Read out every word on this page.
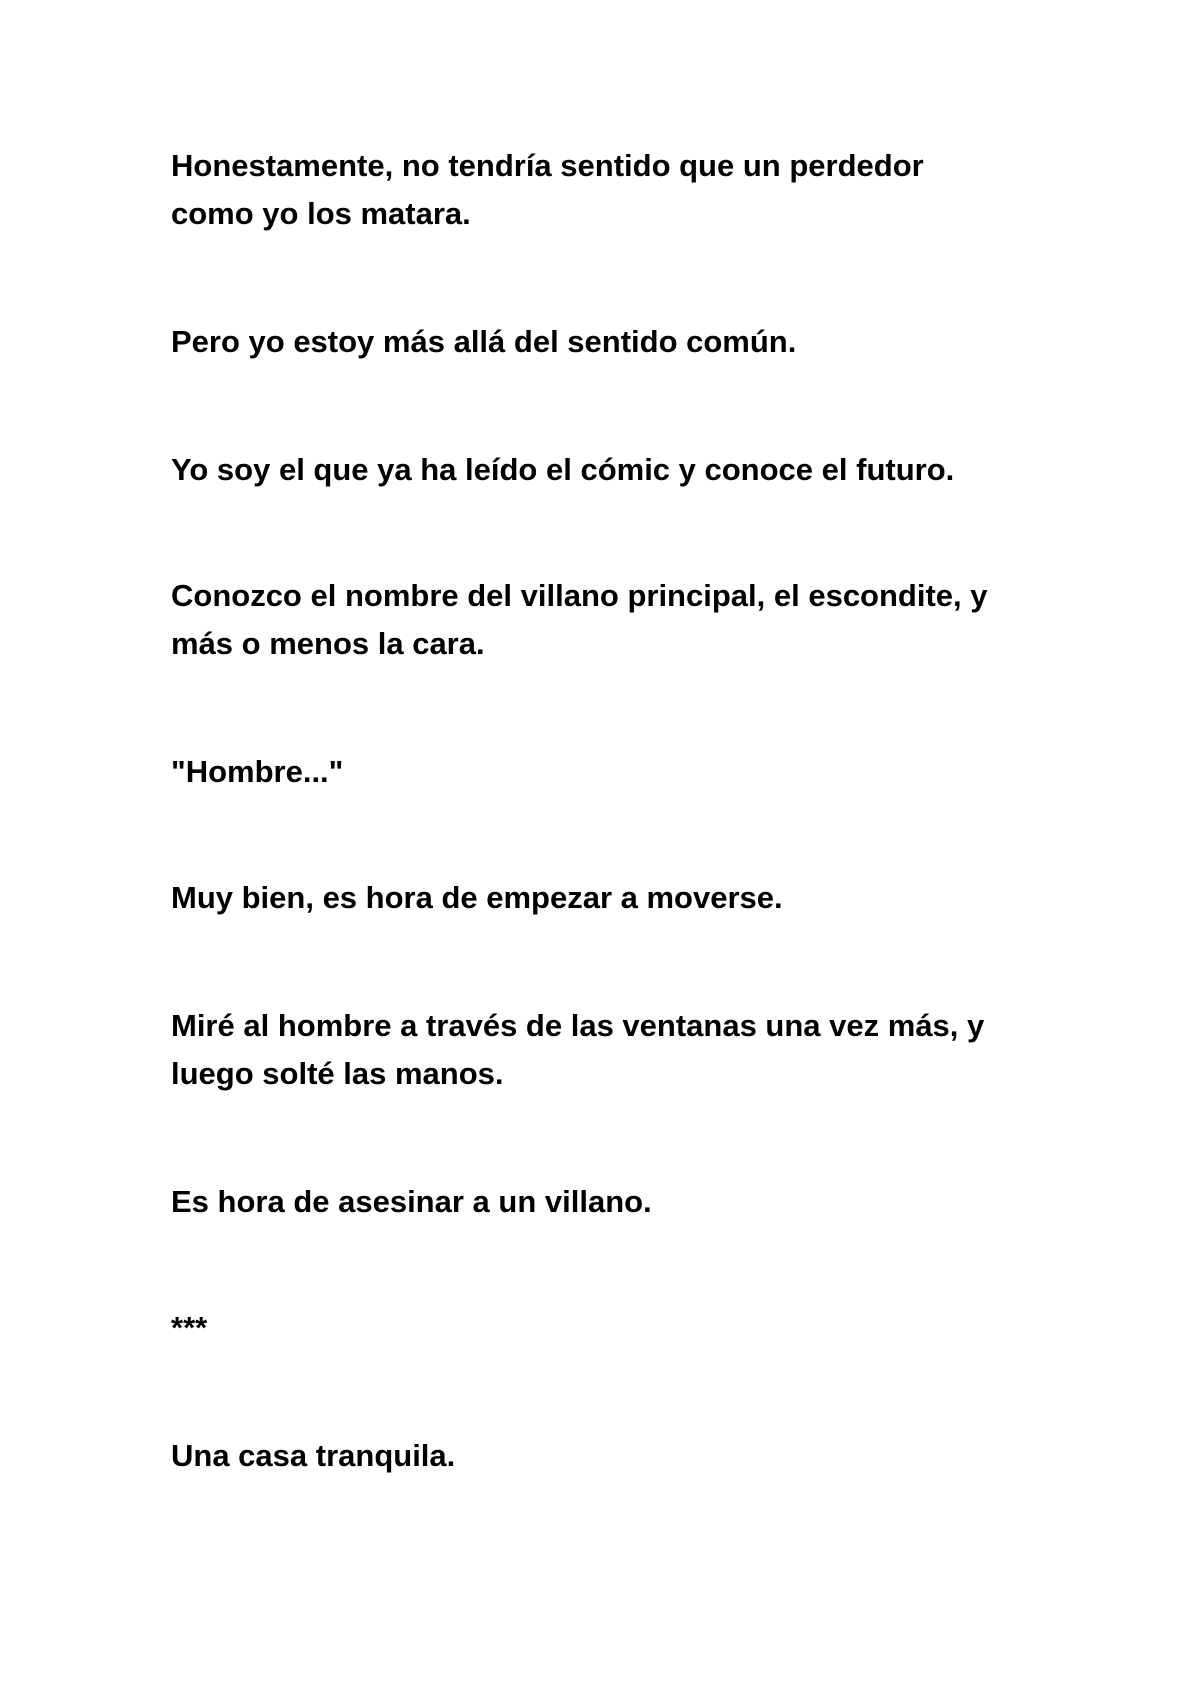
Honestamente, no tendría sentido que un perdedor
como yo los matara.

Pero yo estoy más allá del sentido común.

Yo soy el que ya ha leído el cómic y conoce el futuro.

Conozco el nombre del villano principal, el escondite, y
más o menos la cara.

"Hombre..."

Muy bien, es hora de empezar a moverse.

Miré al hombre a través de las ventanas una vez más, y
luego solté las manos.

Es hora de asesinar a un villano.

***

Una casa tranquila.
